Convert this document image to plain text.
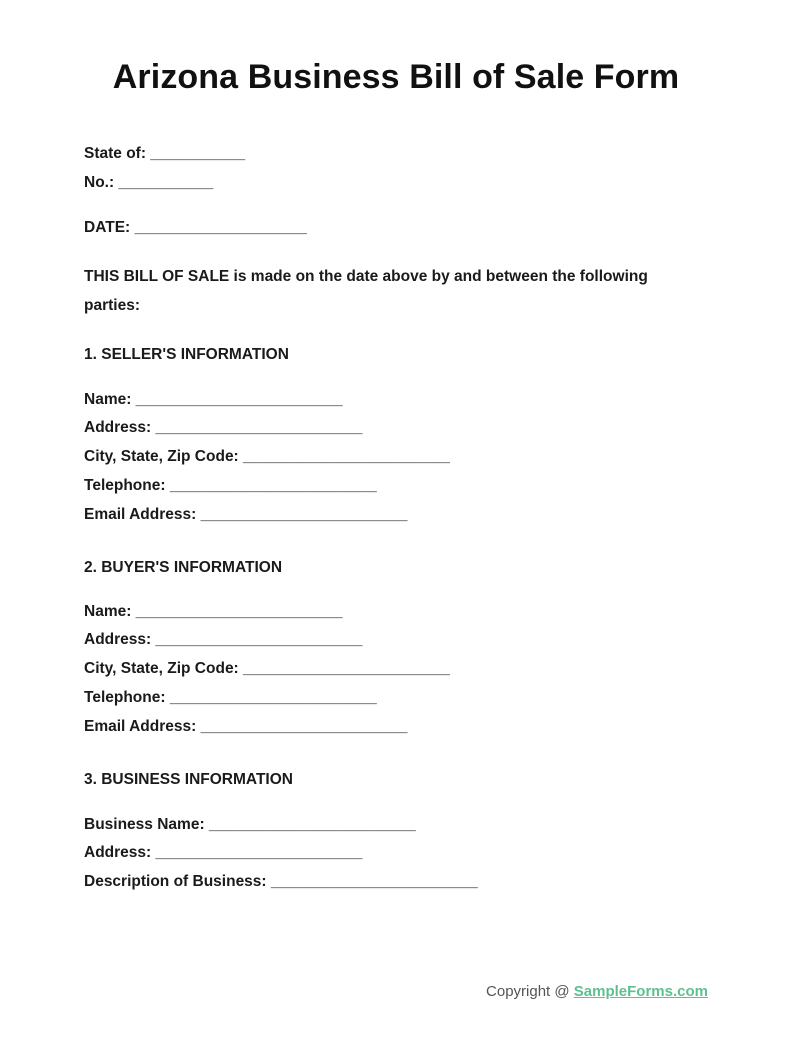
Arizona Business Bill of Sale Form
State of: ___________
No.: ___________
DATE: ____________________
THIS BILL OF SALE is made on the date above by and between the following parties:
1. SELLER'S INFORMATION
Name: ________________________
Address: ________________________
City, State, Zip Code: ________________________
Telephone: ________________________
Email Address: ________________________
2. BUYER'S INFORMATION
Name: ________________________
Address: ________________________
City, State, Zip Code: ________________________
Telephone: ________________________
Email Address: ________________________
3. BUSINESS INFORMATION
Business Name: ________________________
Address: ________________________
Description of Business: ________________________
Copyright @ SampleForms.com
